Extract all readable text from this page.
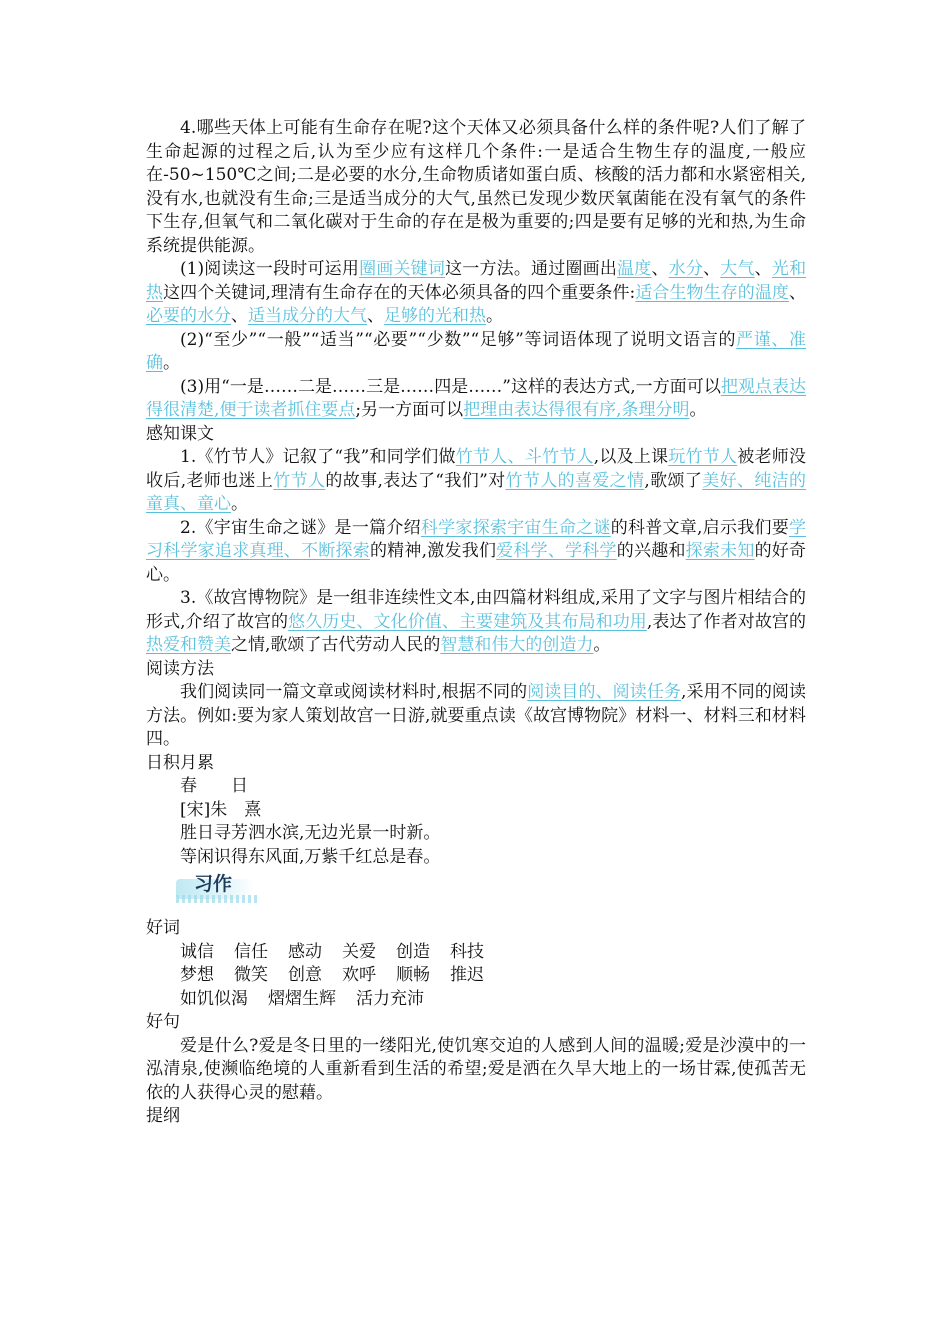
4.哪些天体上可能有生命存在呢?这个天体又必须具备什么样的条件呢?人们了解了生命起源的过程之后,认为至少应有这样几个条件:一是适合生物生存的温度,一般应在-50~150℃之间;二是必要的水分,生命物质诸如蛋白质、核酸的活力都和水紧密相关,没有水,也就没有生命;三是适当成分的大气,虽然已发现少数厌氧菌能在没有氧气的条件下生存,但氧气和二氧化碳对于生命的存在是极为重要的;四是要有足够的光和热,为生命系统提供能源。

(1)阅读这一段时可运用圈画关键词这一方法。通过圈画出温度、水分、大气、光和热这四个关键词,理清有生命存在的天体必须具备的四个重要条件:适合生物生存的温度、必要的水分、适当成分的大气、足够的光和热。

(2)“至少”“一般”“适当”“必要”“少数”“足够”等词语体现了说明文语言的严谨、准确。

(3)用“一是……二是……三是……四是……”这样的表达方式,一方面可以把观点表达得很清楚,便于读者抓住要点;另一方面可以把理由表达得很有序,条理分明。

感知课文

1.《竹节人》记叙了“我”和同学们做竹节人、斗竹节人,以及上课玩竹节人被老师没收后,老师也迷上竹节人的故事,表达了“我们”对竹节人的喜爱之情,歌颂了美好、纯洁的童真、童心。

2.《宇宙生命之谜》是一篇介绍科学家探索宇宙生命之谜的科普文章,启示我们要学习科学家追求真理、不断探索的精神,激发我们爱科学、学科学的兴趣和探索未知的好奇心。

3.《故宫博物院》是一组非连续性文本,由四篇材料组成,采用了文字与图片相结合的形式,介绍了故宫的悠久历史、文化价值、主要建筑及其布局和功用,表达了作者对故宫的热爱和赞美之情,歌颂了古代劳动人民的智慧和伟大的创造力。

阅读方法

我们阅读同一篇文章或阅读材料时,根据不同的阅读目的、阅读任务,采用不同的阅读方法。例如:要为家人策划故宫一日游,就要重点读《故宫博物院》材料一、材料三和材料四。

日积月累

春　　日
[宋]朱　熹
胜日寻芳泗水滨,无边光景一时新。
等闲识得东风面,万紫千红总是春。
习作

好词

诚信 信任 感动 关爱 创造 科技
梦想 微笑 创意 欢呼 顺畅 推迟
如饥似渴 熠熠生辉 活力充沛

好句

爱是什么?爱是冬日里的一缕阳光,使饥寒交迫的人感到人间的温暖;爱是沙漠中的一泓清泉,使濒临绝境的人重新看到生活的希望;爱是洒在久旱大地上的一场甘霖,使孤苦无依的人获得心灵的慰藉。

提纲
